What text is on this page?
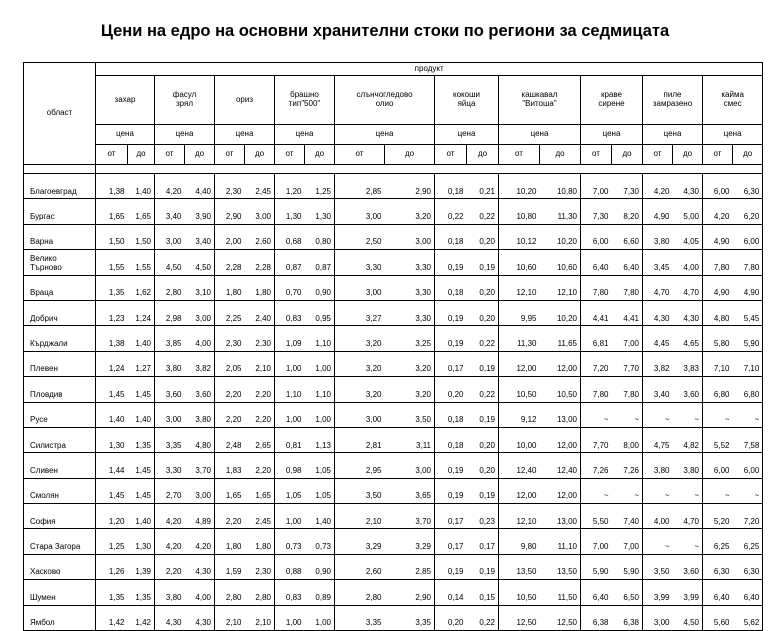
Цени на едро на основни хранителни стоки по региони за седмицата
област	продукт																			
	захар		фасул
зрял		ориз		брашно
тип"500"		слънчогледово
олио		кокоши
яйца		кашкавал
"Витоша"		краве
сирене		пиле
замразено		кайма
смес	
	цена		цена		цена		цена		цена		цена		цена		цена		цена		цена	
	от	до	от	до	от	до	от	до	от	до	от	до	от	до	от	до	от	до	от	до

Благоевград	1,38	1,40	4,20	4,40	2,30	2,45	1,20	1,25	2,85	2,90	0,18	0,21	10,20	10,80	7,00	7,30	4,20	4,30	6,00	6,30
Бургас	1,65	1,65	3,40	3,90	2,90	3,00	1,30	1,30	3,00	3,20	0,22	0,22	10,80	11,30	7,30	8,20	4,90	5,00	4,20	6,20
Варна	1,50	1,50	3,00	3,40	2,00	2,60	0,68	0,80	2,50	3,00	0,18	0,20	10,12	10,20	6,00	6,60	3,80	4,05	4,90	6,00
Велико
Търново	1,55	1,55	4,50	4,50	2,28	2,28	0,87	0,87	3,30	3,30	0,19	0,19	10,60	10,60	6,40	6,40	3,45	4,00	7,80	7,80
Враца	1,35	1,62	2,80	3,10	1,80	1,80	0,70	0,90	3,00	3,30	0,18	0,20	12,10	12,10	7,80	7,80	4,70	4,70	4,90	4,90
Добрич	1,23	1,24	2,98	3,00	2,25	2,40	0,83	0,95	3,27	3,30	0,19	0,20	9,95	10,20	4,41	4,41	4,30	4,30	4,80	5,45
Кърджали	1,38	1,40	3,85	4,00	2,30	2,30	1,09	1,10	3,20	3,25	0,19	0,22	11,30	11,65	6,81	7,00	4,45	4,65	5,80	5,90
Плевен	1,24	1,27	3,80	3,82	2,05	2,10	1,00	1,00	3,20	3,20	0,17	0,19	12,00	12,00	7,20	7,70	3,82	3,83	7,10	7,10
Пловдив	1,45	1,45	3,60	3,60	2,20	2,20	1,10	1,10	3,20	3,20	0,20	0,22	10,50	10,50	7,80	7,80	3,40	3,60	6,80	6,80
Русе	1,40	1,40	3,00	3,80	2,20	2,20	1,00	1,00	3,00	3,50	0,18	0,19	9,12	13,00	~	~	~	~	~	~
Силистра	1,30	1,35	3,35	4,80	2,48	2,65	0,81	1,13	2,81	3,11	0,18	0,20	10,00	12,00	7,70	8,00	4,75	4,82	5,52	7,58
Сливен	1,44	1,45	3,30	3,70	1,83	2,20	0,98	1,05	2,95	3,00	0,19	0,20	12,40	12,40	7,26	7,26	3,80	3,80	6,00	6,00
Смолян	1,45	1,45	2,70	3,00	1,65	1,65	1,05	1,05	3,50	3,65	0,19	0,19	12,00	12,00	~	~	~	~	~	~
София	1,20	1,40	4,20	4,89	2,20	2,45	1,00	1,40	2,10	3,70	0,17	0,23	12,10	13,00	5,50	7,40	4,00	4,70	5,20	7,20
Стара Загора	1,25	1,30	4,20	4,20	1,80	1,80	0,73	0,73	3,29	3,29	0,17	0,17	9,80	11,10	7,00	7,00	~	~	6,25	6,25
Хасково	1,26	1,39	2,20	4,30	1,59	2,30	0,88	0,90	2,60	2,85	0,19	0,19	13,50	13,50	5,90	5,90	3,50	3,60	6,30	6,30
Шумен	1,35	1,35	3,80	4,00	2,80	2,80	0,83	0,89	2,80	2,90	0,14	0,15	10,50	11,50	6,40	6,50	3,99	3,99	6,40	6,40
Ямбол	1,42	1,42	4,30	4,30	2,10	2,10	1,00	1,00	3,35	3,35	0,20	0,22	12,50	12,50	6,38	6,38	3,00	4,50	5,60	5,62
